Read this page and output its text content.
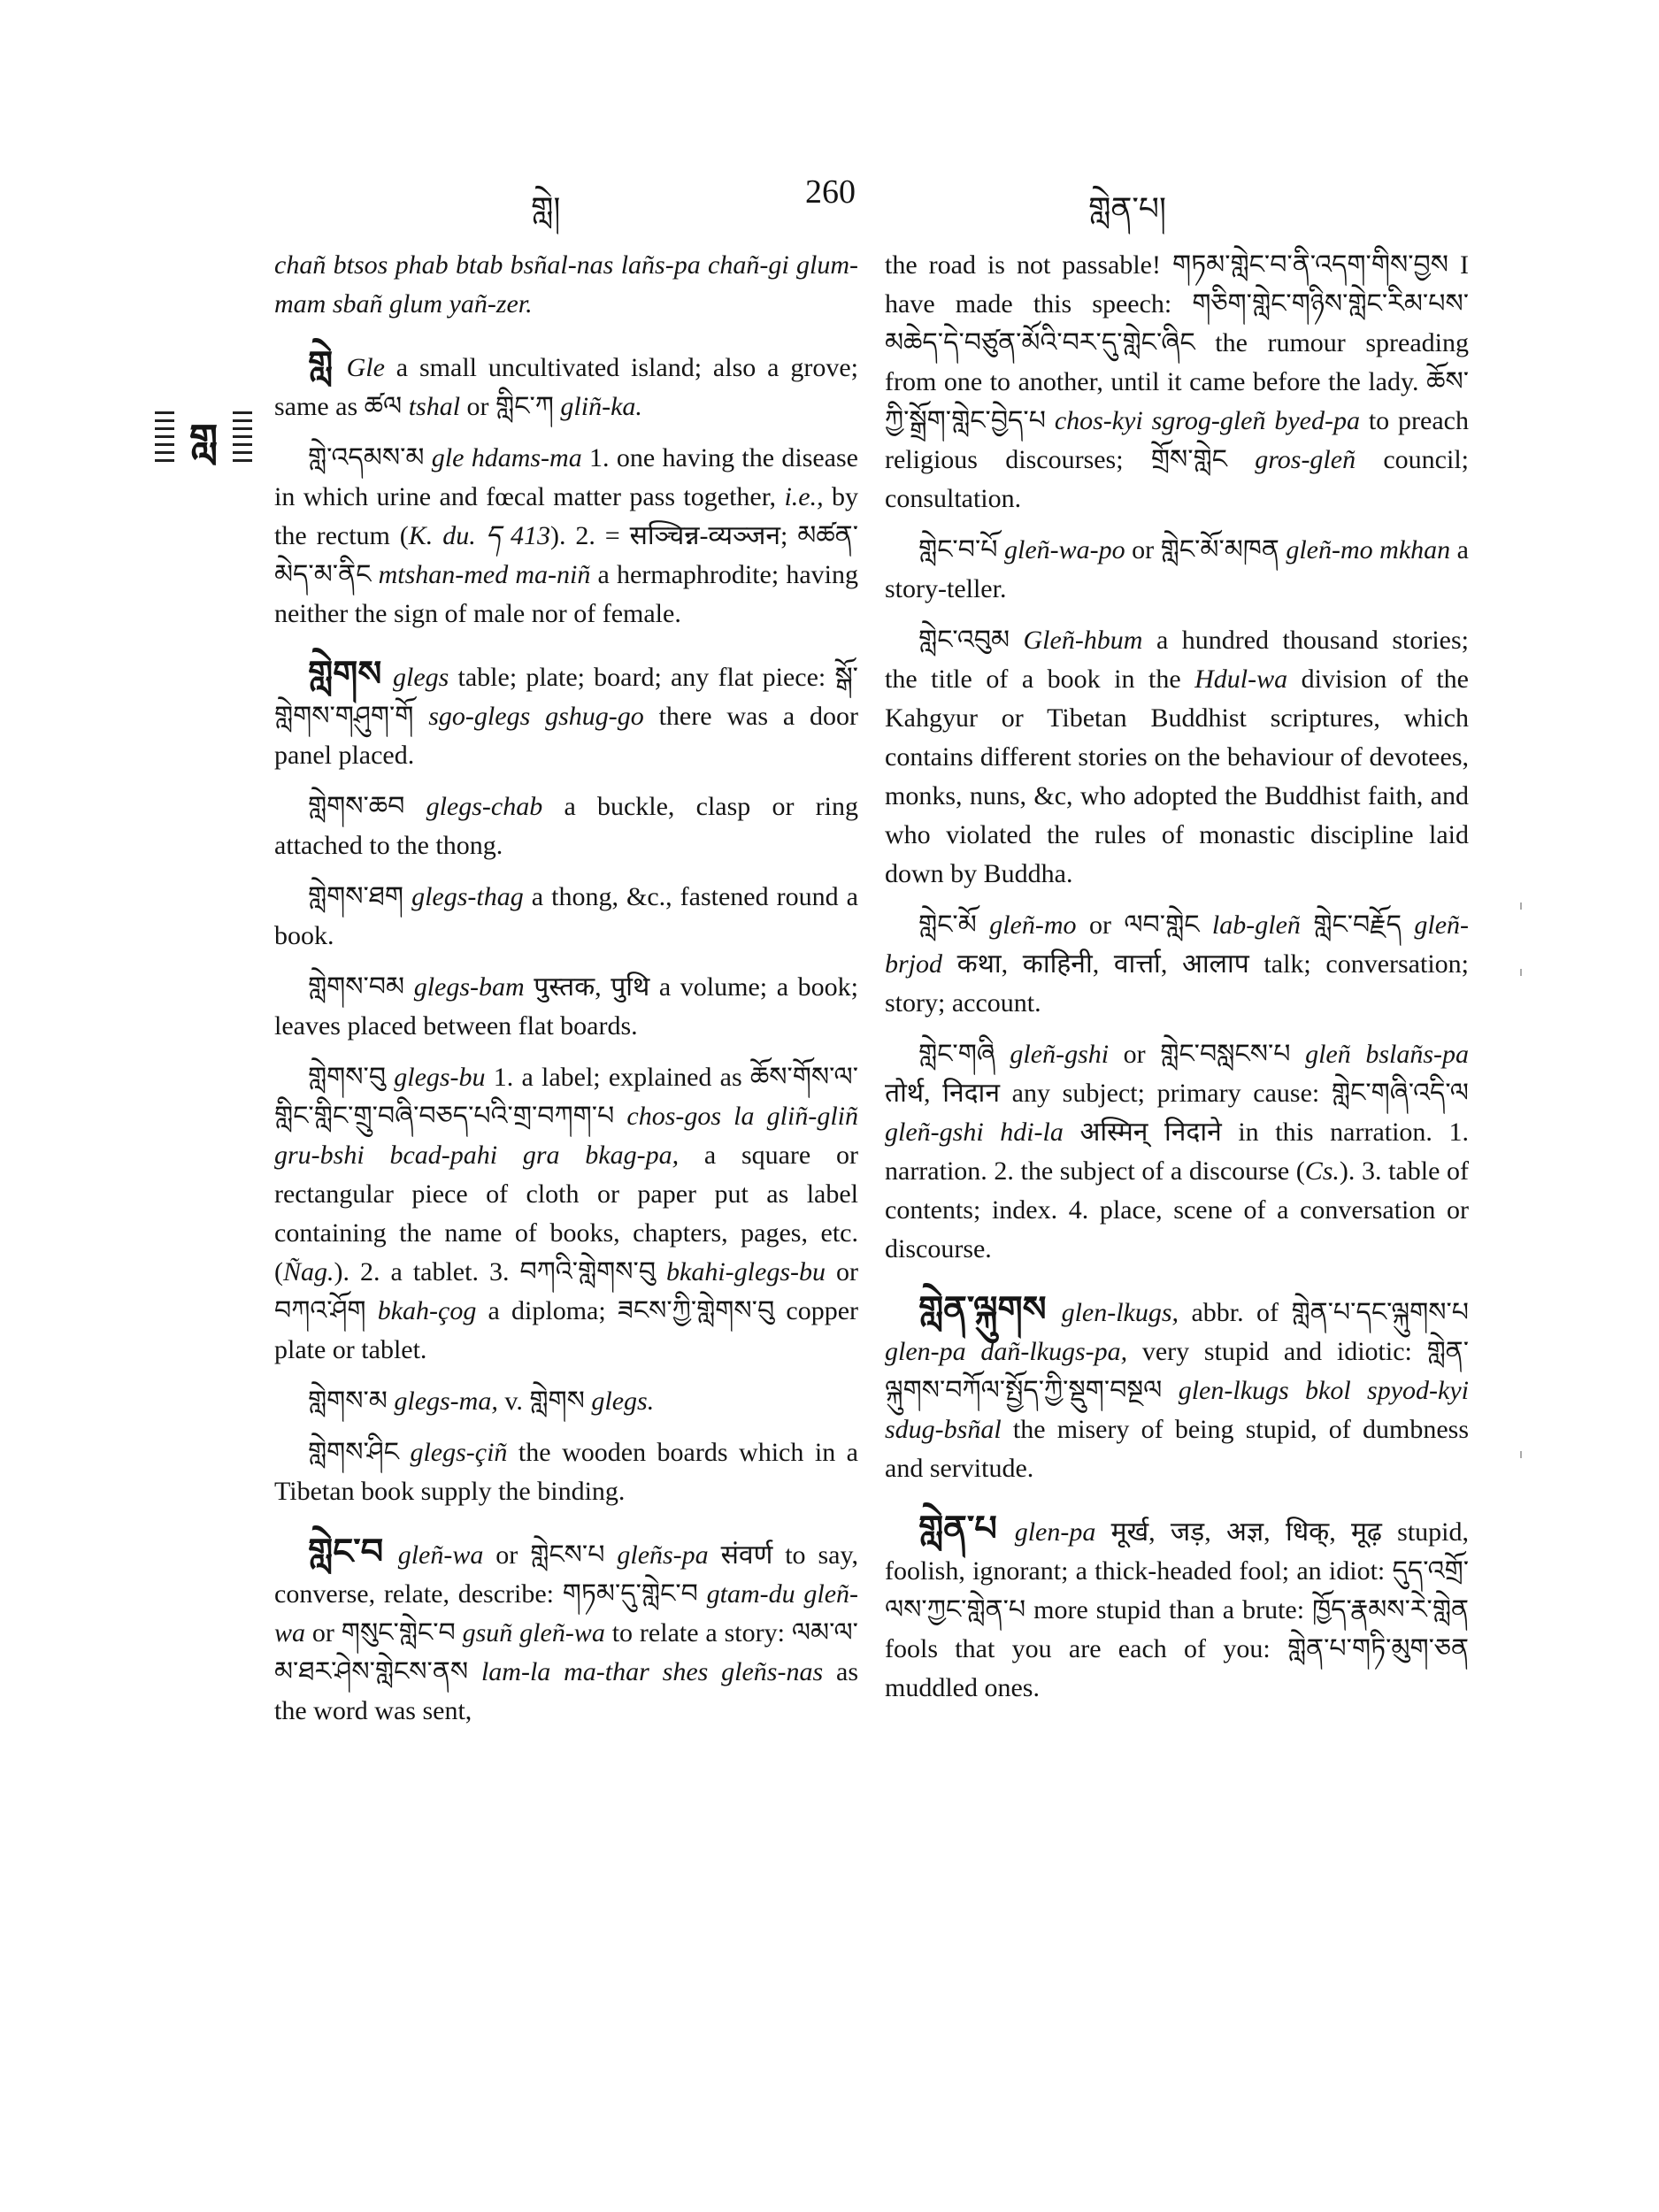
གླེ།	260	གླེན་པ།
གླ

chañ btsos phab btab bsñal-nas lañs-pa chañ-gi glum-mam sbañ glum yañ-zer.

གླེ Gle a small uncultivated island; also a grove; same as ཚལ tshal or གླིང་ཀ gliñ-ka.

གླེ་འདམས་མ gle hdams-ma 1. one having the disease in which urine and fœcal matter pass together, i.e., by the rectum (K. du. ད 413). 2. = सञ्चिन्न-व्यञ्जन; མཚན་མེད་མ་ནིང mtshan-med ma-niñ a hermaphrodite; having neither the sign of male nor of female.

གླེགས glegs table; plate; board; any flat piece: སྒོ་གླེགས་གཤུག་གོ sgo-glegs gshug-go there was a door panel placed.

གླེགས་ཆབ glegs-chab a buckle, clasp or ring attached to the thong.

གླེགས་ཐག glegs-thag a thong, &c., fastened round a book.

གླེགས་བམ glegs-bam पुस्तक, पुथि a volume; a book; leaves placed between flat boards.

གླེགས་བུ glegs-bu 1. a label; explained as ཆོས་གོས་ལ་གླིང་གླིང་གྲུ་བཞི་བཅད་པའི་གྲ་བཀག་པ chos-gos la gliñ-gliñ gru-bshi bcad-pahi gra bkag-pa, a square or rectangular piece of cloth or paper put as label containing the name of books, chapters, pages, etc. (Ñag.). 2. a tablet. 3. བཀའི་གླེགས་བུ bkahi-glegs-bu or བཀའ་ཤོག bkah-çog a diploma; ཟངས་ཀྱི་གླེགས་བུ copper plate or tablet.

གླེགས་མ glegs-ma, v. གླེགས glegs.

གླེགས་ཤིང glegs-çiñ the wooden boards which in a Tibetan book supply the binding.

གླེང་བ gleñ-wa or གླེངས་པ gleñs-pa संवर्ण to say, converse, relate, describe: གཏམ་དུ་གླེང་བ gtam-du gleñ-wa or གསུང་གླེང་བ gsuñ gleñ-wa to relate a story: ལམ་ལ་མ་ཐར་ཤེས་གླེངས་ནས lam-la ma-thar shes gleñs-nas as the word was sent,

the road is not passable! གཏམ་གླེང་བ་ནི་འདག་གིས་བྱས I have made this speech: གཅིག་གླེང་གཉིས་གླེང་རིམ་པས་མཆེད་དེ་བཙུན་མོའི་བར་དུ་གླེང་ཞིང the rumour spreading from one to another, until it came before the lady. ཆོས་ཀྱི་སྒྲོག་གླེང་བྱེད་པ chos-kyi sgrog-gleñ byed-pa to preach religious discourses; གྲོས་གླེང gros-gleñ council; consultation.

གླེང་བ་པོ gleñ-wa-po or གླེང་མོ་མཁན gleñ-mo mkhan a story-teller.

གླེང་འབུམ Gleñ-hbum a hundred thousand stories; the title of a book in the Hdul-wa division of the Kahgyur or Tibetan Buddhist scriptures, which contains different stories on the behaviour of devotees, monks, nuns, &c, who adopted the Buddhist faith, and who violated the rules of monastic discipline laid down by Buddha.

གླེང་མོ gleñ-mo or ལབ་གླེང lab-gleñ གླེང་བརྗོད gleñ-brjod कथा, काहिनी, वार्त्ता, आलाप talk; conversation; story; account.

གླེང་གཞི gleñ-gshi or གླེང་བསླངས་པ gleñ bslañs-pa तोर्थ, निदान any subject; primary cause: གླེང་གཞི་འདི་ལ gleñ-gshi hdi-la अस्मिन् निदाने in this narration. 1. narration. 2. the subject of a discourse (Cs.). 3. table of contents; index. 4. place, scene of a conversation or discourse.

གླེན་ལྐུགས glen-lkugs, abbr. of གླེན་པ་དང་ལྐུགས་པ glen-pa dañ-lkugs-pa, very stupid and idiotic: གླེན་ལྐུགས་བཀོལ་སྤྱོད་ཀྱི་སྡུག་བསྔལ glen-lkugs bkol spyod-kyi sdug-bsñal the misery of being stupid, of dumbness and servitude.

གླེན་པ glen-pa मूर्ख, जड़, अज्ञ, धिक्, मूढ़ stupid, foolish, ignorant; a thick-headed fool; an idiot: དུད་འགྲོ་ལས་ཀྱང་གླེན་པ more stupid than a brute: ཁྱོད་རྣམས་རེ་གླེན fools that you are each of you: གླེན་པ་གཏི་མུག་ཅན muddled ones.
